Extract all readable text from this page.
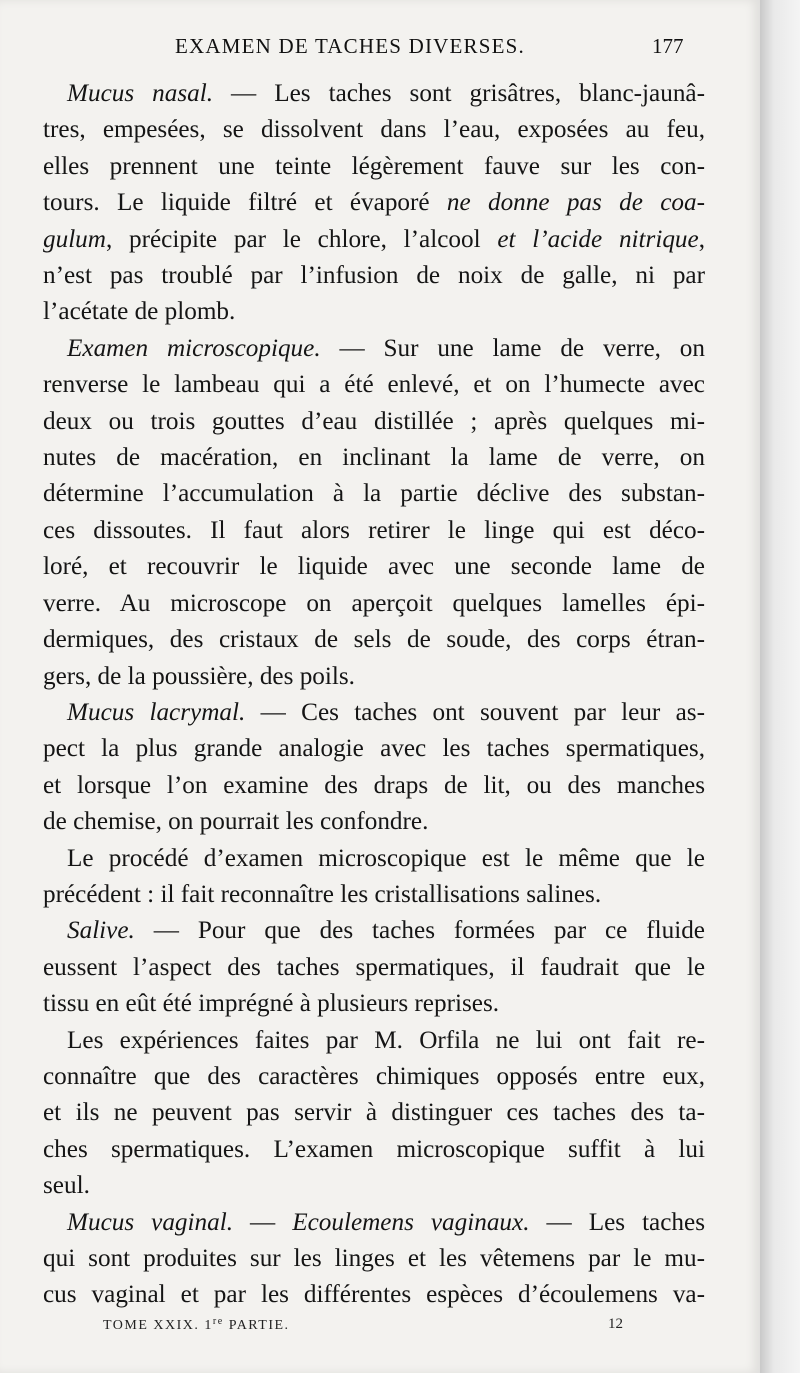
EXAMEN DE TACHES DIVERSES.	177
Mucus nasal. — Les taches sont grisâtres, blanc-jaunâ-
tres, empesées, se dissolvent dans l’eau, exposées au feu,
elles prennent une teinte légèrement fauve sur les con-
tours. Le liquide filtré et évaporé ne donne pas de coa-
gulum, précipite par le chlore, l’alcool et l’acide nitrique,
n’est pas troublé par l’infusion de noix de galle, ni par
l’acétate de plomb.
Examen microscopique. — Sur une lame de verre, on
renverse le lambeau qui a été enlevé, et on l’humecte avec
deux ou trois gouttes d’eau distillée ; après quelques mi-
nutes de macération, en inclinant la lame de verre, on
détermine l’accumulation à la partie déclive des substan-
ces dissoutes. Il faut alors retirer le linge qui est déco-
loré, et recouvrir le liquide avec une seconde lame de
verre. Au microscope on aperçoit quelques lamelles épi-
dermiques, des cristaux de sels de soude, des corps étran-
gers, de la poussière, des poils.
Mucus lacrymal. — Ces taches ont souvent par leur as-
pect la plus grande analogie avec les taches spermatiques,
et lorsque l’on examine des draps de lit, ou des manches
de chemise, on pourrait les confondre.
Le procédé d’examen microscopique est le même que le
précédent : il fait reconnaître les cristallisations salines.
Salive. — Pour que des taches formées par ce fluide
eussent l’aspect des taches spermatiques, il faudrait que le
tissu en eût été imprégné à plusieurs reprises.
Les expériences faites par M. Orfila ne lui ont fait re-
connaître que des caractères chimiques opposés entre eux,
et ils ne peuvent pas servir à distinguer ces taches des ta-
ches spermatiques. L’examen microscopique suffit à lui
seul.
Mucus vaginal. — Ecoulemens vaginaux. — Les taches
qui sont produites sur les linges et les vêtemens par le mu-
cus vaginal et par les différentes espèces d’écoulemens va-
TOME XXIX. 1re PARTIE.	12
